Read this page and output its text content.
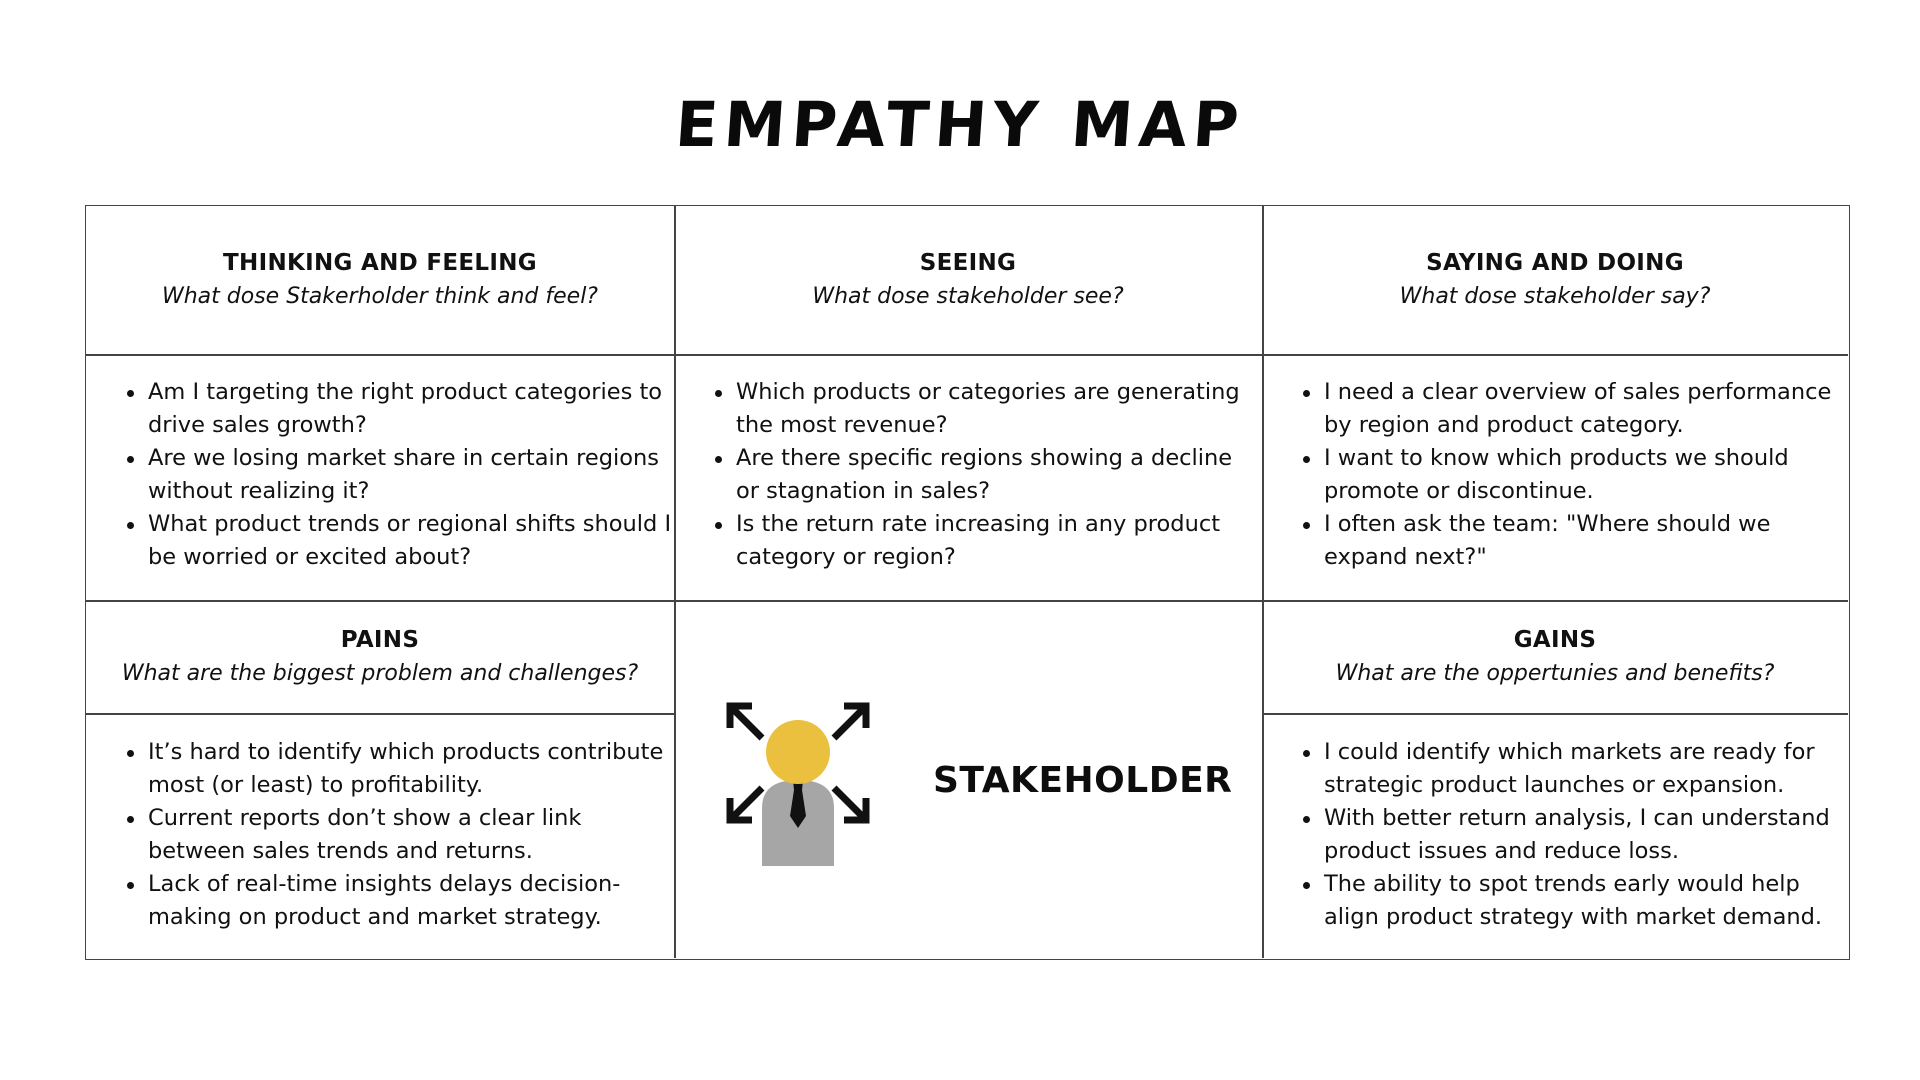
EMPATHY MAP
THINKING AND FEELING
What dose Stakerholder think and feel?
SEEING
What dose stakeholder see?
SAYING AND DOING
What dose stakeholder say?
Am I targeting the right product categories to drive sales growth?
Are we losing market share in certain regions without realizing it?
What product trends or regional shifts should I be worried or excited about?
Which products or categories are generating the most revenue?
Are there specific regions showing a decline or stagnation in sales?
Is the return rate increasing in any product category or region?
I need a clear overview of sales performance by region and product category.
I want to know which products we should promote or discontinue.
I often ask the team: "Where should we expand next?"
PAINS
What are the biggest problem and challenges?
GAINS
What are the oppertunies and benefits?
It’s hard to identify which products contribute most (or least) to profitability.
Current reports don’t show a clear link between sales trends and returns.
Lack of real-time insights delays decision-making on product and market strategy.
I could identify which markets are ready for strategic product launches or expansion.
With better return analysis, I can understand product issues and reduce loss.
The ability to spot trends early would help align product strategy with market demand.
STAKEHOLDER
